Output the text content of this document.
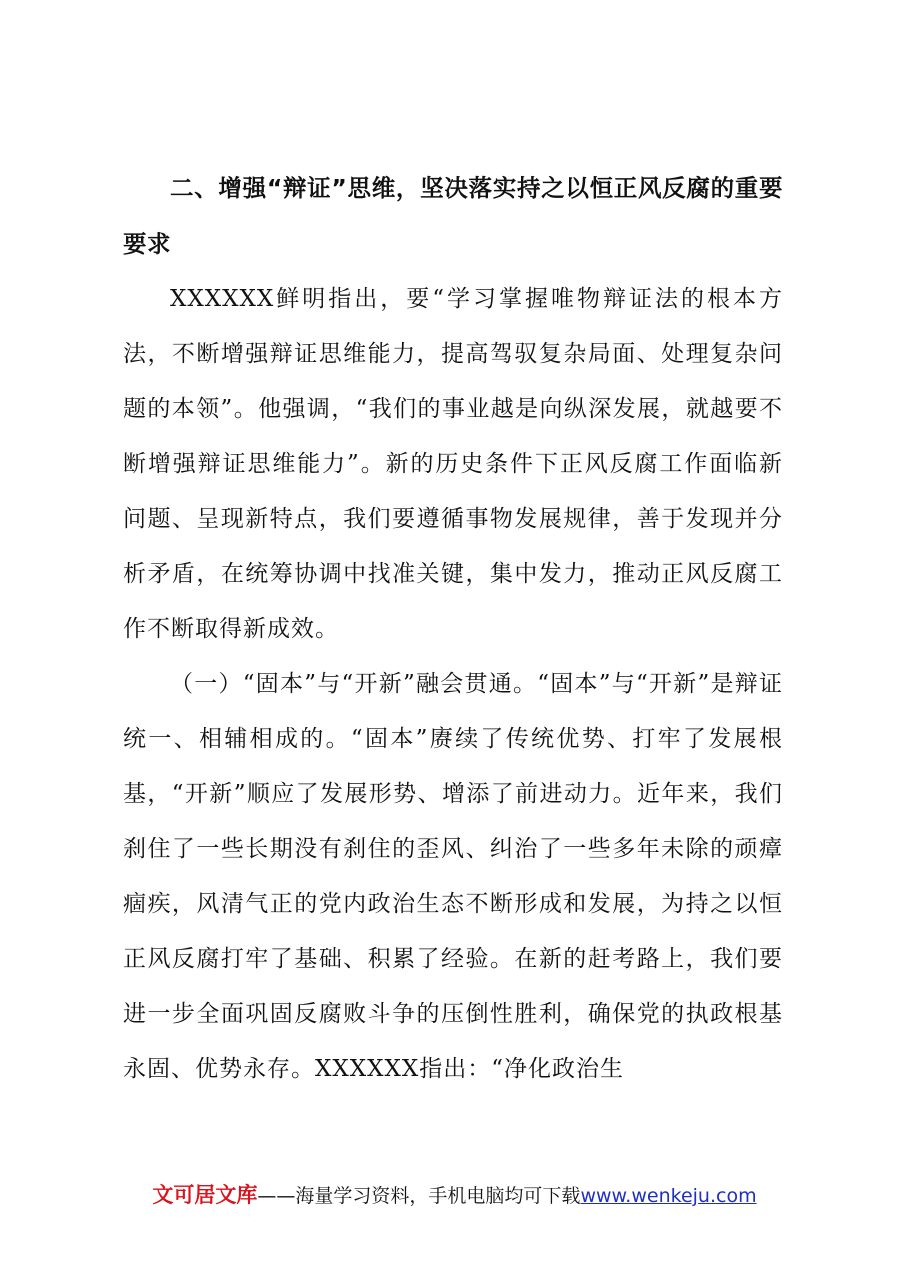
二、增强“辩证”思维，坚决落实持之以恒正风反腐的重要要求

XXXXXX鲜明指出，要“学习掌握唯物辩证法的根本方法，不断增强辩证思维能力，提高驾驭复杂局面、处理复杂问题的本领”。他强调，“我们的事业越是向纵深发展，就越要不断增强辩证思维能力”。新的历史条件下正风反腐工作面临新问题、呈现新特点，我们要遵循事物发展规律，善于发现并分析矛盾，在统筹协调中找准关键，集中发力，推动正风反腐工作不断取得新成效。

（一）“固本”与“开新”融会贯通。“固本”与“开新”是辩证统一、相辅相成的。“固本”赓续了传统优势、打牢了发展根基，“开新”顺应了发展形势、增添了前进动力。近年来，我们刹住了一些长期没有刹住的歪风、纠治了一些多年未除的顽瘴痼疾，风清气正的党内政治生态不断形成和发展，为持之以恒正风反腐打牢了基础、积累了经验。在新的赶考路上，我们要进一步全面巩固反腐败斗争的压倒性胜利，确保党的执政根基永固、优势永存。XXXXXX指出：“净化政治生

文可居文库——海量学习资料，手机电脑均可下载www.wenkeju.com
